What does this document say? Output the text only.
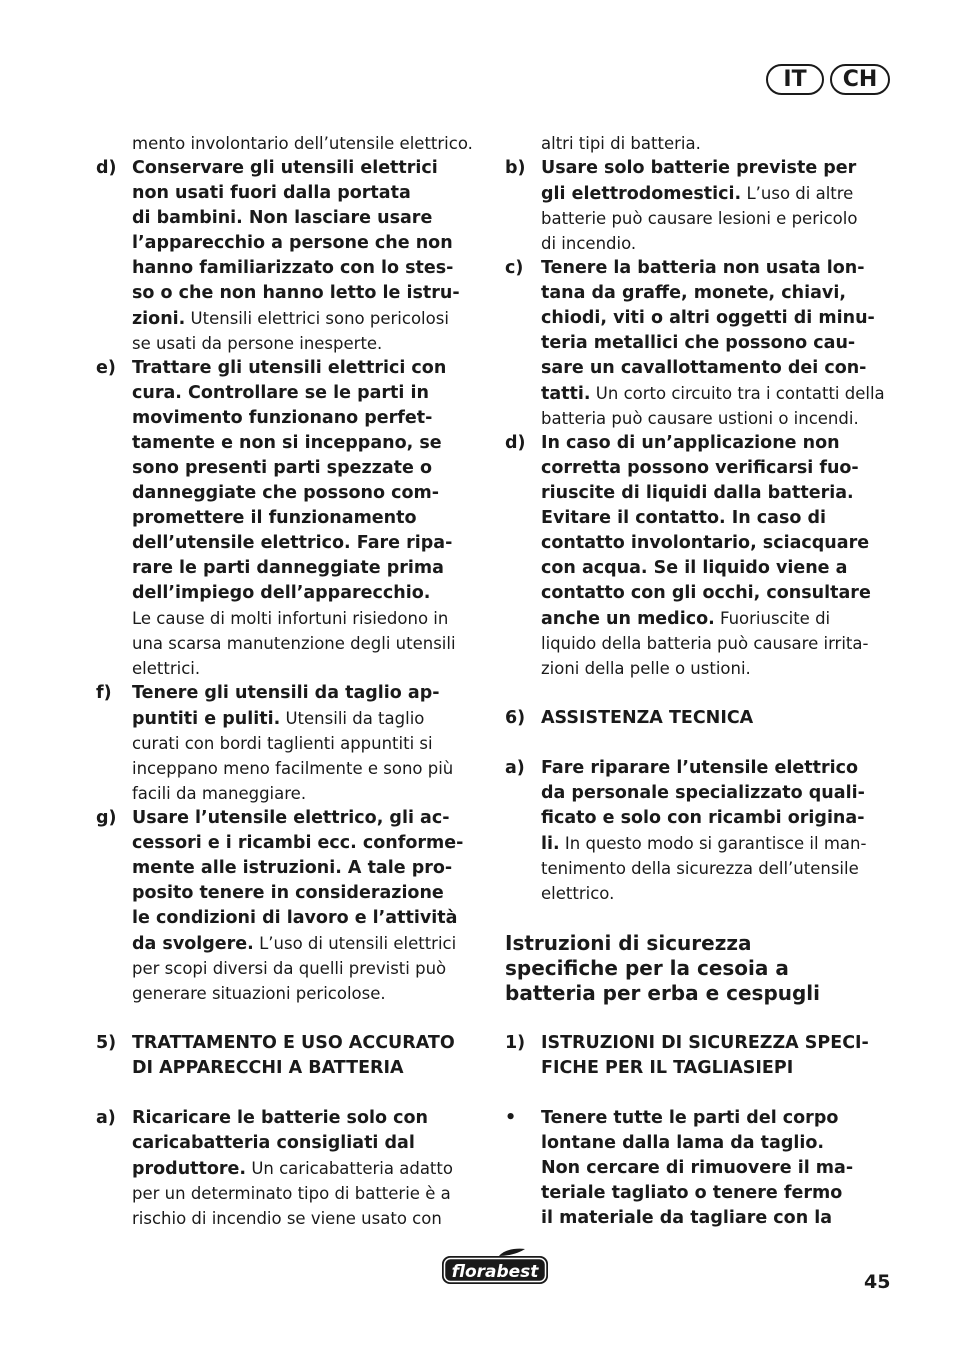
IT	CH
mento involontario dell’utensile elettrico.
d) Conservare gli utensili elettrici
non usati fuori dalla portata
di bambini. Non lasciare usare
l’apparecchio a persone che non
hanno familiarizzato con lo stes-
so o che non hanno letto le istru-
zioni. Utensili elettrici sono pericolosi
se usati da persone inesperte.
e) Trattare gli utensili elettrici con
cura. Controllare se le parti in
movimento funzionano perfet-
tamente e non si inceppano, se
sono presenti parti spezzate o
danneggiate che possono com-
promettere il funzionamento
dell’utensile elettrico. Fare ripa-
rare le parti danneggiate prima
dell’impiego dell’apparecchio.
Le cause di molti infortuni risiedono in
una scarsa manutenzione degli utensili
elettrici.
f) Tenere gli utensili da taglio ap-
puntiti e puliti. Utensili da taglio
curati con bordi taglienti appuntiti si
inceppano meno facilmente e sono più
facili da maneggiare.
g) Usare l’utensile elettrico, gli ac-
cessori e i ricambi ecc. conforme-
mente alle istruzioni. A tale pro-
posito tenere in considerazione
le condizioni di lavoro e l’attività
da svolgere. L’uso di utensili elettrici
per scopi diversi da quelli previsti può
generare situazioni pericolose.
5) TRATTAMENTO E USO ACCURATO
DI APPARECCHI A BATTERIA
a) Ricaricare le batterie solo con
caricabatteria consigliati dal
produttore. Un caricabatteria adatto
per un determinato tipo di batterie è a
rischio di incendio se viene usato con
altri tipi di batteria.
b) Usare solo batterie previste per
gli elettrodomestici. L’uso di altre
batterie può causare lesioni e pericolo
di incendio.
c) Tenere la batteria non usata lon-
tana da graffe, monete, chiavi,
chiodi, viti o altri oggetti di minu-
teria metallici che possono cau-
sare un cavallottamento dei con-
tatti. Un corto circuito tra i contatti della
batteria può causare ustioni o incendi.
d) In caso di un’applicazione non
corretta possono verificarsi fuo-
riuscite di liquidi dalla batteria.
Evitare il contatto. In caso di
contatto involontario, sciacquare
con acqua. Se il liquido viene a
contatto con gli occhi, consultare
anche un medico. Fuoriuscite di
liquido della batteria può causare irrita-
zioni della pelle o ustioni.
6) ASSISTENZA TECNICA
a) Fare riparare l’utensile elettrico
da personale specializzato quali-
ficato e solo con ricambi origina-
li. In questo modo si garantisce il man-
tenimento della sicurezza dell’utensile
elettrico.
Istruzioni di sicurezza
specifiche per la cesoia a
batteria per erba e cespugli
1) ISTRUZIONI DI SICUREZZA SPECI-
FICHE PER IL TAGLIASIEPI
• Tenere tutte le parti del corpo
lontane dalla lama da taglio.
Non cercare di rimuovere il ma-
teriale tagliato o tenere fermo
il materiale da tagliare con la
florabest	45
